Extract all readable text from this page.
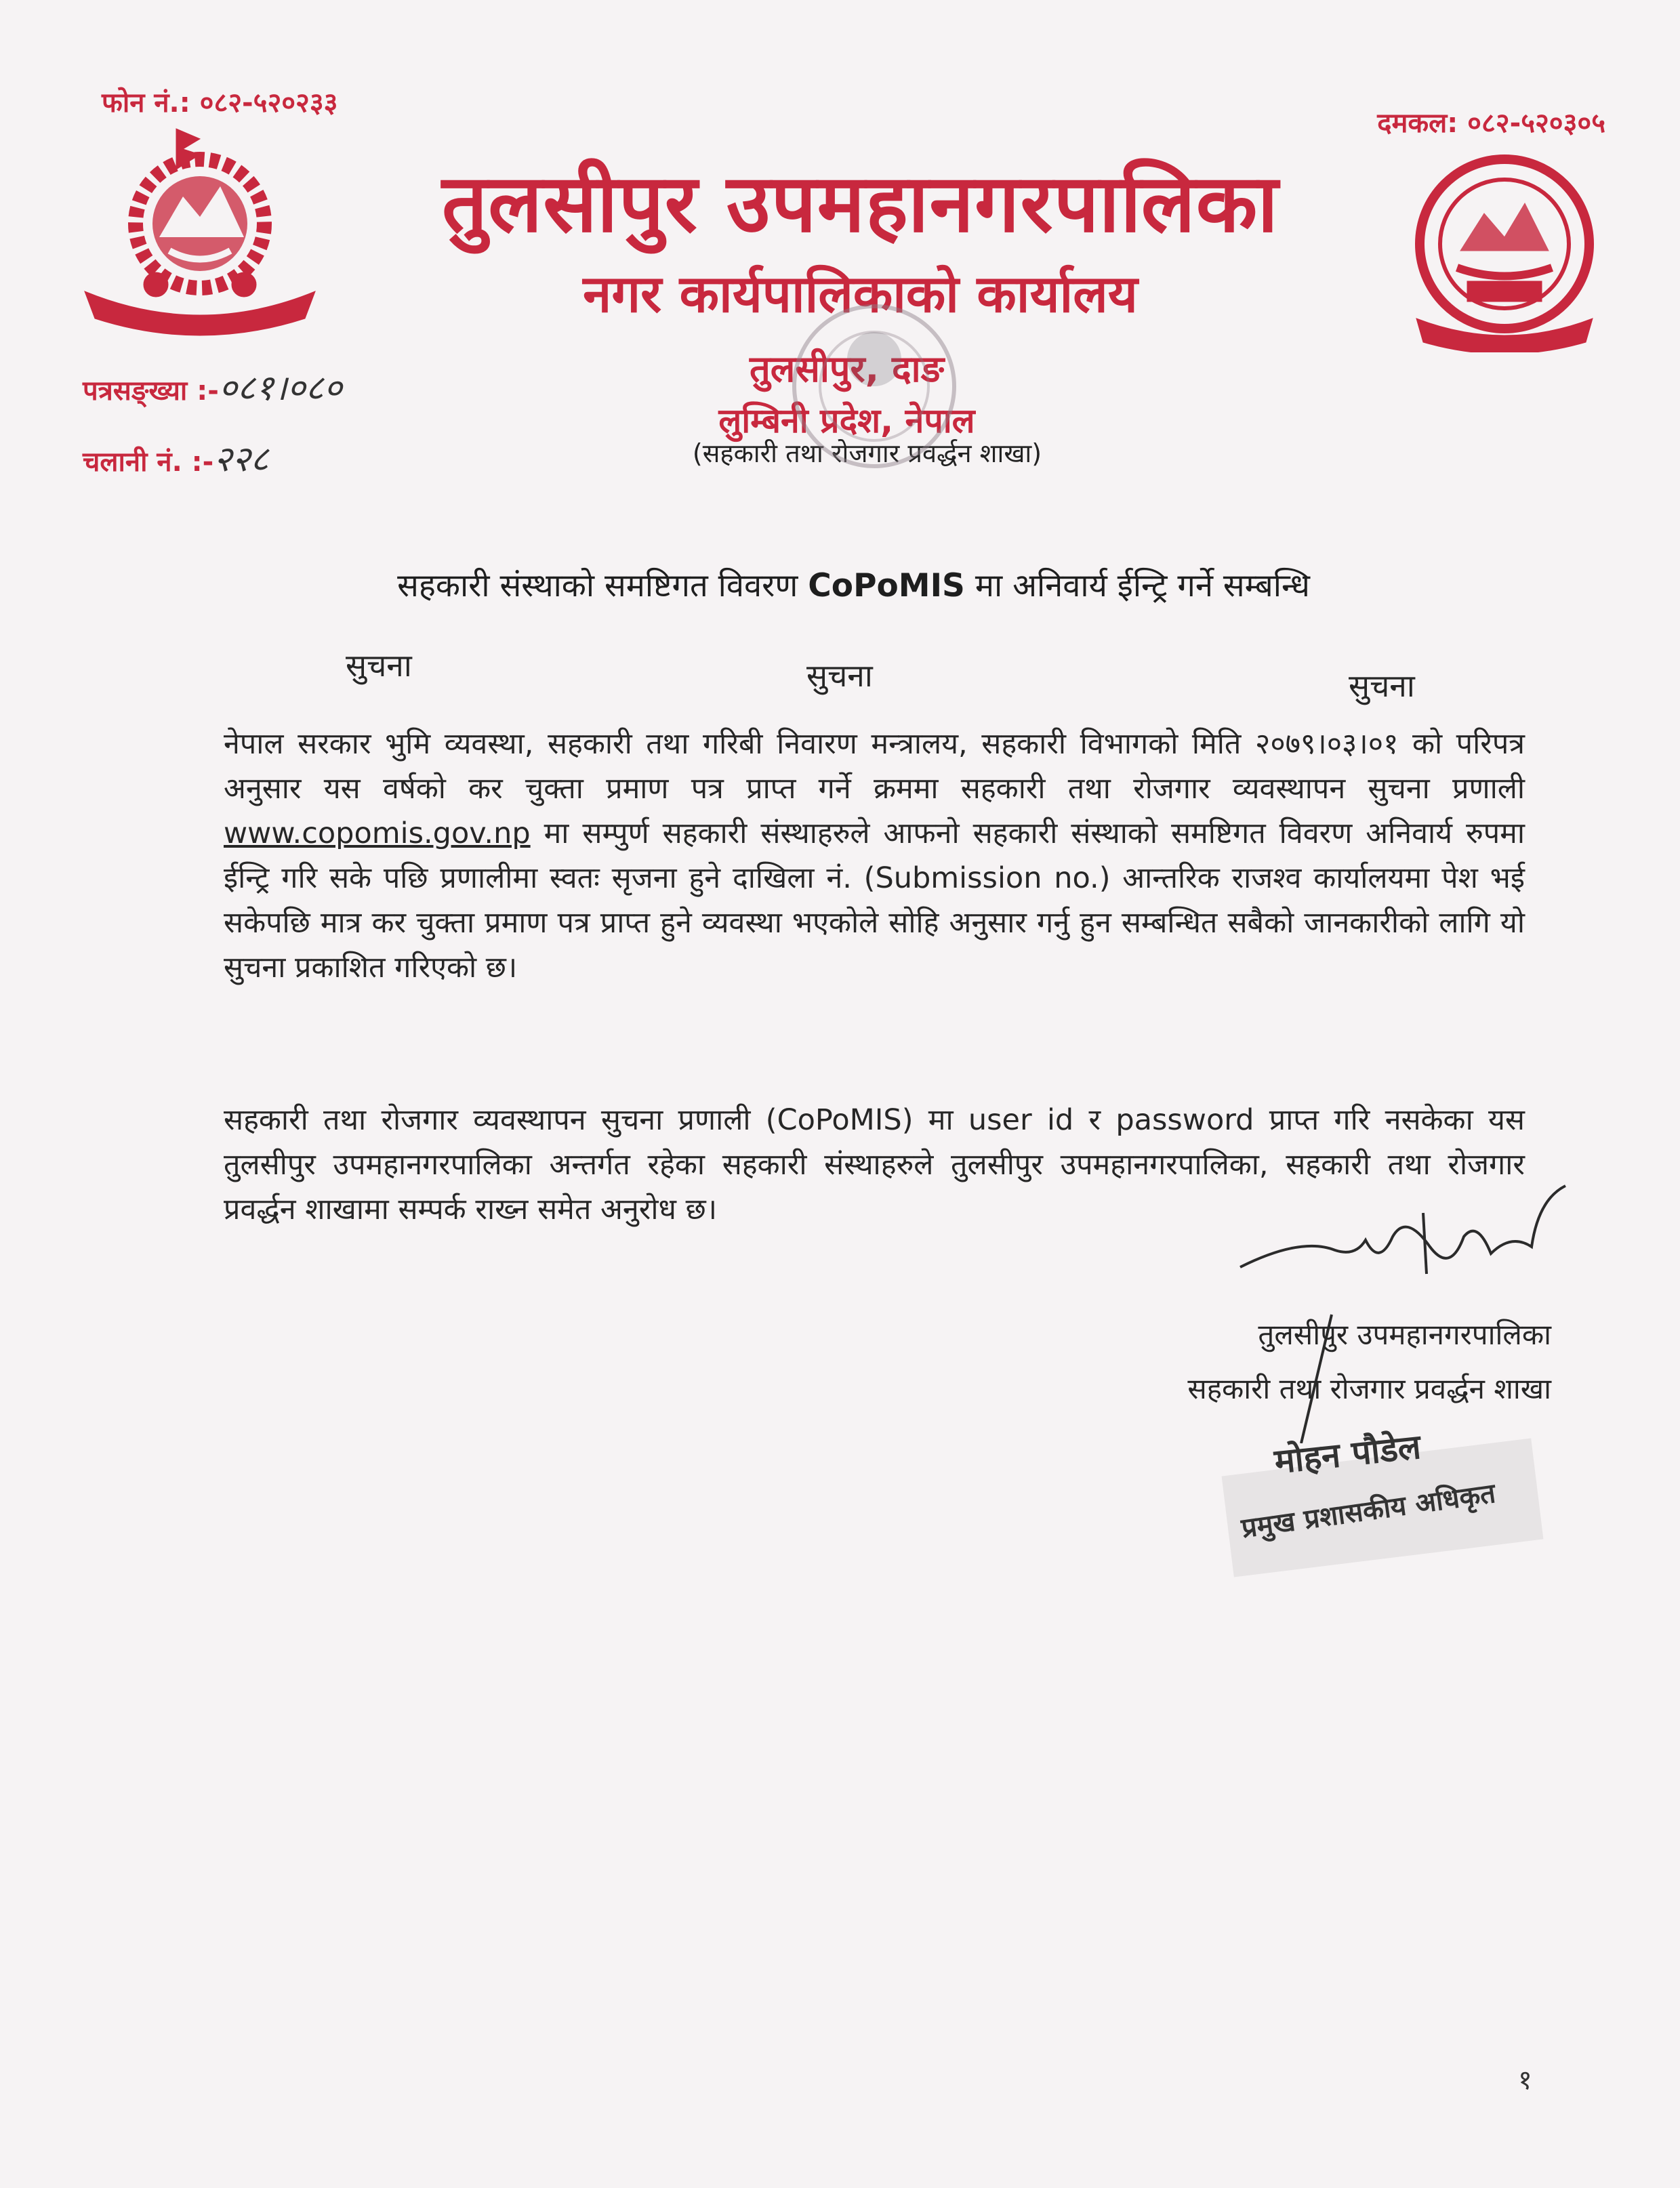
फोन नं.: ०८२-५२०२३३
दमकल: ०८२-५२०३०५
तुलसीपुर उपमहानगरपालिका
नगर कार्यपालिकाको कार्यालय
तुलसीपुर, दाङ
लुम्बिनी प्रदेश, नेपाल
(सहकारी तथा रोजगार प्रवर्द्धन शाखा)
पत्रसङ्ख्या :-०८१।०८०
चलानी नं. :-२२८
सहकारी संस्थाको समष्टिगत विवरण CoPoMIS मा अनिवार्य ईन्ट्रि गर्ने सम्बन्धि
सुचना	सुचना	सुचना
नेपाल सरकार भुमि व्यवस्था, सहकारी तथा गरिबी निवारण मन्त्रालय, सहकारी विभागको मिति २०७९।०३।०१ को परिपत्र अनुसार यस वर्षको कर चुक्ता प्रमाण पत्र प्राप्त गर्ने क्रममा सहकारी तथा रोजगार व्यवस्थापन सुचना प्रणाली www.copomis.gov.np मा सम्पुर्ण सहकारी संस्थाहरुले आफनो सहकारी संस्थाको समष्टिगत विवरण अनिवार्य रुपमा ईन्ट्रि गरि सके पछि प्रणालीमा स्वतः सृजना हुने दाखिला नं. (Submission no.) आन्तरिक राजश्व कार्यालयमा पेश भई सकेपछि मात्र कर चुक्ता प्रमाण पत्र प्राप्त हुने व्यवस्था भएकोले सोहि अनुसार गर्नु हुन सम्बन्धित सबैको जानकारीको लागि यो सुचना प्रकाशित गरिएको छ।
सहकारी तथा रोजगार व्यवस्थापन सुचना प्रणाली (CoPoMIS) मा user id र password प्राप्त गरि नसकेका यस तुलसीपुर उपमहानगरपालिका अन्तर्गत रहेका सहकारी संस्थाहरुले तुलसीपुर उपमहानगरपालिका, सहकारी तथा रोजगार प्रवर्द्धन शाखामा सम्पर्क राख्न समेत अनुरोध छ।
तुलसीपुर उपमहानगरपालिका
सहकारी तथा रोजगार प्रवर्द्धन शाखा
मोहन पौडेल
प्रमुख प्रशासकीय अधिकृत
१
